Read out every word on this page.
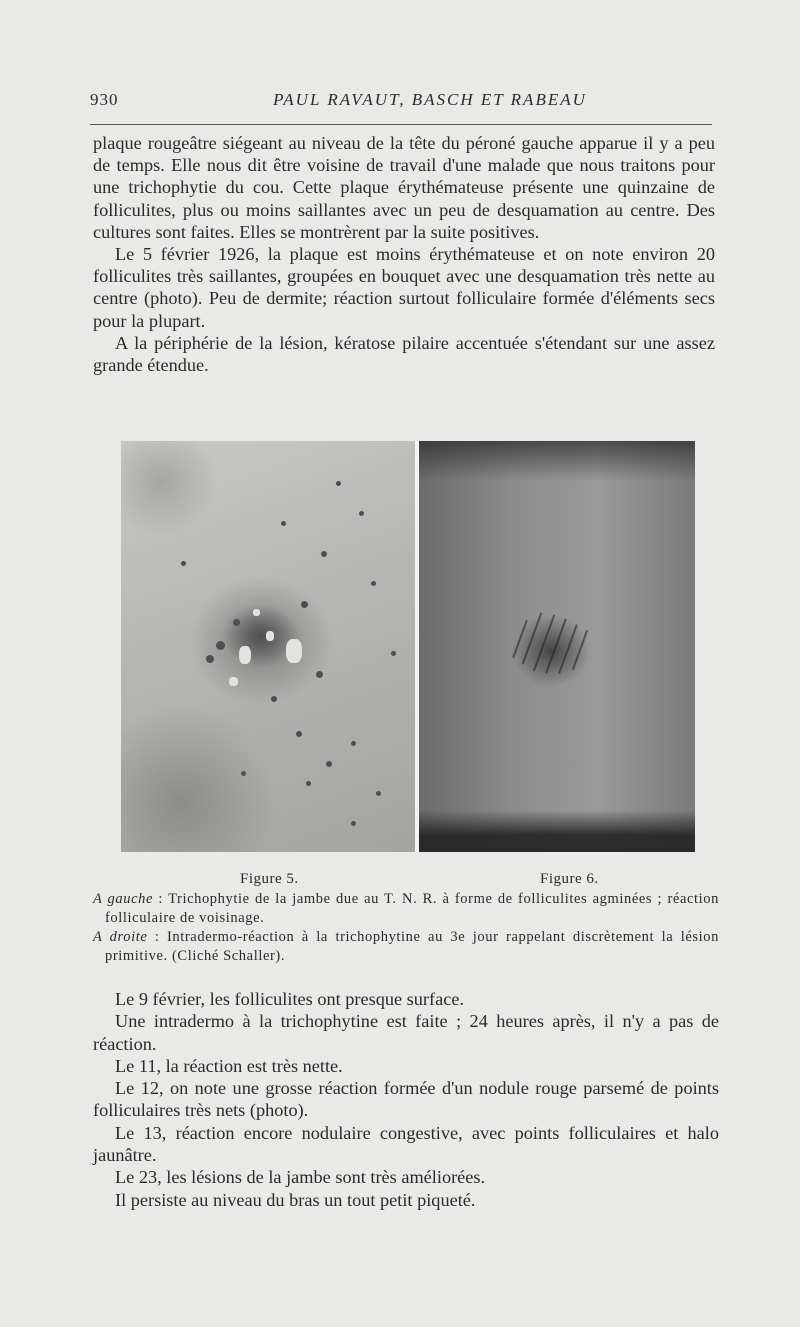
930	PAUL RAVAUT, BASCH ET RABEAU

plaque rougeâtre siégeant au niveau de la tête du péroné gauche apparue il y a peu de temps. Elle nous dit être voisine de travail d'une malade que nous traitons pour une trichophytie du cou. Cette plaque érythémateuse présente une quinzaine de folliculites, plus ou moins saillantes avec un peu de desquamation au centre. Des cultures sont faites. Elles se montrèrent par la suite positives.

Le 5 février 1926, la plaque est moins érythémateuse et on note environ 20 folliculites très saillantes, groupées en bouquet avec une desquamation très nette au centre (photo). Peu de dermite; réaction surtout folliculaire formée d'éléments secs pour la plupart.

A la périphérie de la lésion, kératose pilaire accentuée s'étendant sur une assez grande étendue.

Figure 5.	Figure 6.

A gauche : Trichophytie de la jambe due au T. N. R. à forme de folliculites agminées ; réaction folliculaire de voisinage.

A droite : Intradermo-réaction à la trichophytine au 3e jour rappelant discrètement la lésion primitive. (Cliché Schaller).

Le 9 février, les folliculites ont presque surface.

Une intradermo à la trichophytine est faite ; 24 heures après, il n'y a pas de réaction.

Le 11, la réaction est très nette.

Le 12, on note une grosse réaction formée d'un nodule rouge parsemé de points folliculaires très nets (photo).

Le 13, réaction encore nodulaire congestive, avec points folliculaires et halo jaunâtre.

Le 23, les lésions de la jambe sont très améliorées.

Il persiste au niveau du bras un tout petit piqueté.
